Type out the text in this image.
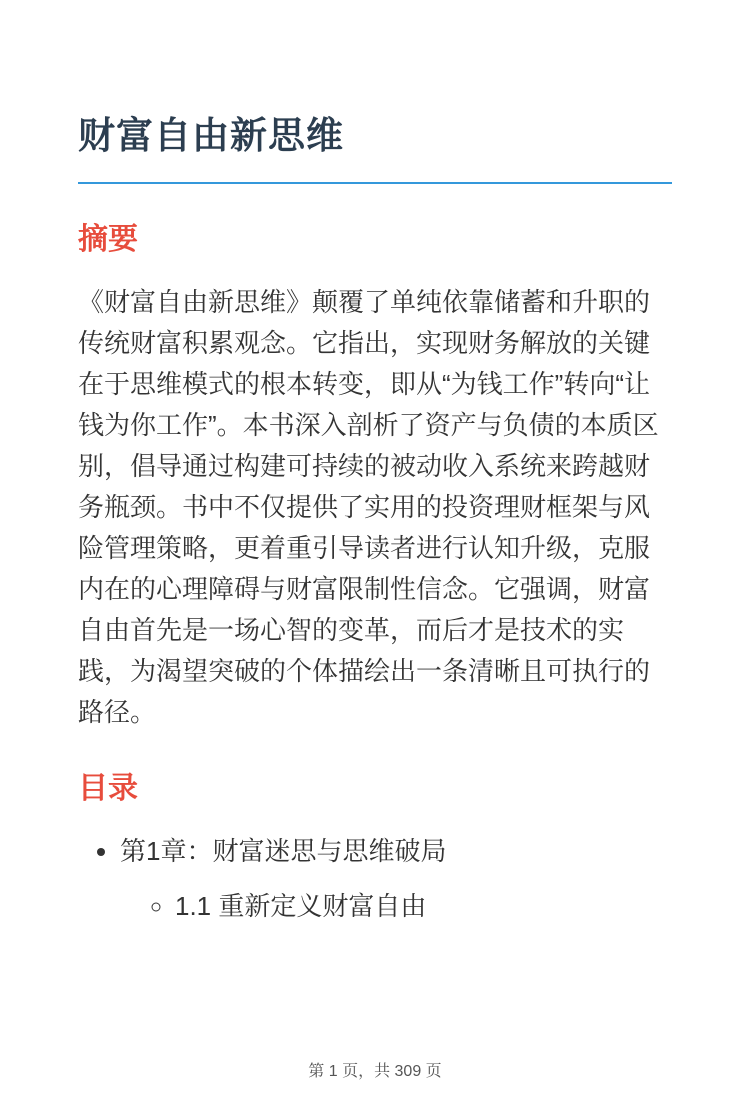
财富自由新思维
摘要

《财富自由新思维》颠覆了单纯依靠储蓄和升职的传统财富积累观念。它指出，实现财务解放的关键在于思维模式的根本转变，即从“为钱工作”转向“让钱为你工作”。本书深入剖析了资产与负债的本质区别，倡导通过构建可持续的被动收入系统来跨越财务瓶颈。书中不仅提供了实用的投资理财框架与风险管理策略，更着重引导读者进行认知升级，克服内在的心理障碍与财富限制性信念。它强调，财富自由首先是一场心智的变革，而后才是技术的实践，为渴望突破的个体描绘出一条清晰且可执行的路径。

目录
• 第1章：财富迷思与思维破局
◦ 1.1 重新定义财富自由
第 1 页，共 309 页
